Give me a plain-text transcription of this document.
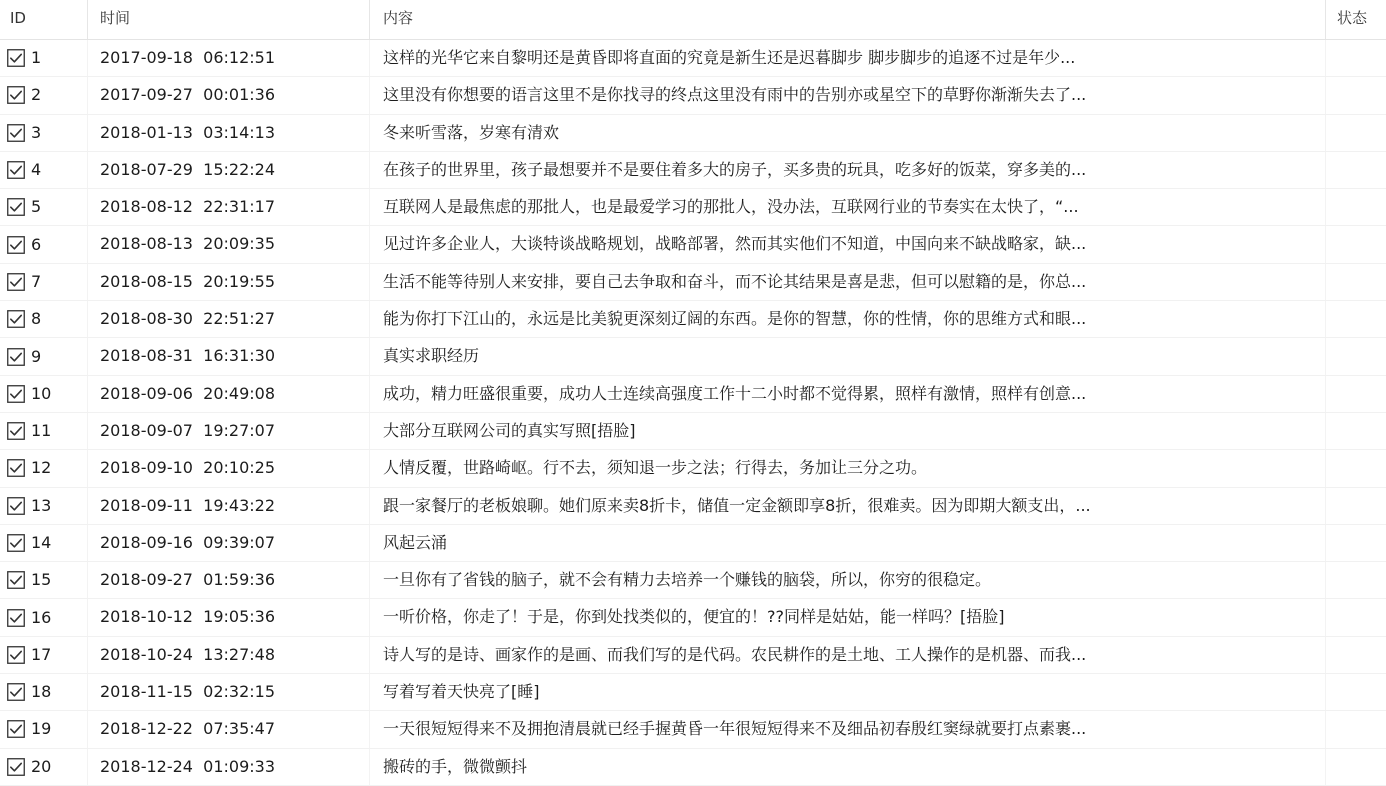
ID	时间	内容	状态
1	2017-09-18  06:12:51	这样的光华它来自黎明还是黄昏即将直面的究竟是新生还是迟暮脚步 脚步脚步的追逐不过是年少...
2	2017-09-27  00:01:36	这里没有你想要的语言这里不是你找寻的终点这里没有雨中的告别亦或星空下的草野你渐渐失去了...
3	2018-01-13  03:14:13	冬来听雪落，岁寒有清欢
4	2018-07-29  15:22:24	在孩子的世界里，孩子最想要并不是要住着多大的房子，买多贵的玩具，吃多好的饭菜，穿多美的...
5	2018-08-12  22:31:17	互联网人是最焦虑的那批人，也是最爱学习的那批人，没办法，互联网行业的节奏实在太快了，“...
6	2018-08-13  20:09:35	见过许多企业人，大谈特谈战略规划，战略部署，然而其实他们不知道，中国向来不缺战略家，缺...
7	2018-08-15  20:19:55	生活不能等待别人来安排，要自己去争取和奋斗，而不论其结果是喜是悲，但可以慰籍的是，你总...
8	2018-08-30  22:51:27	能为你打下江山的，永远是比美貌更深刻辽阔的东西。是你的智慧，你的性情，你的思维方式和眼...
9	2018-08-31  16:31:30	真实求职经历
10	2018-09-06  20:49:08	成功，精力旺盛很重要，成功人士连续高强度工作十二小时都不觉得累，照样有激情，照样有创意...
11	2018-09-07  19:27:07	大部分互联网公司的真实写照[捂脸]
12	2018-09-10  20:10:25	人情反覆，世路崎岖。行不去，须知退一步之法；行得去，务加让三分之功。
13	2018-09-11  19:43:22	跟一家餐厅的老板娘聊。她们原来卖8折卡，储值一定金额即享8折，很难卖。因为即期大额支出，...
14	2018-09-16  09:39:07	风起云涌
15	2018-09-27  01:59:36	一旦你有了省钱的脑子，就不会有精力去培养一个赚钱的脑袋，所以，你穷的很稳定。
16	2018-10-12  19:05:36	一听价格，你走了！于是，你到处找类似的，便宜的！??同样是姑姑，能一样吗？[捂脸]
17	2018-10-24  13:27:48	诗人写的是诗、画家作的是画、而我们写的是代码。农民耕作的是土地、工人操作的是机器、而我...
18	2018-11-15  02:32:15	写着写着天快亮了[睡]
19	2018-12-22  07:35:47	一天很短短得来不及拥抱清晨就已经手握黄昏一年很短短得来不及细品初春殷红窦绿就要打点素裹...
20	2018-12-24  01:09:33	搬砖的手，微微颤抖
